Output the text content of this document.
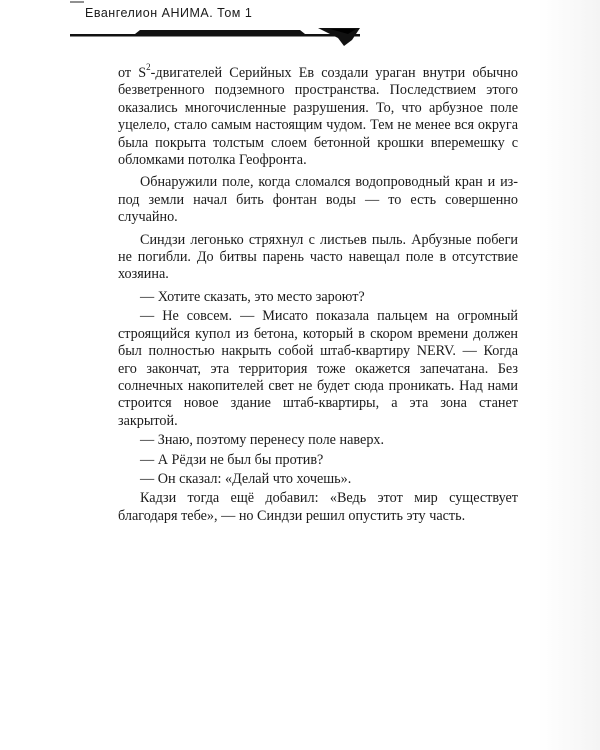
Евангелион АНИМА. Том 1

от $S^2$-двигателей Серийных Ев создали ураган внутри обычно безветренного подземного пространства. Последствием этого оказались многочисленные разрушения. То, что арбузное поле уцелело, стало самым настоящим чудом. Тем не менее вся округа была покрыта толстым слоем бетонной крошки вперемешку с обломками потолка Геофронта.

Обнаружили поле, когда сломался водопроводный кран и из-под земли начал бить фонтан воды — то есть совершенно случайно.

Синдзи легонько стряхнул с листьев пыль. Арбузные побеги не погибли. До битвы парень часто навещал поле в отсутствие хозяина.

— Хотите сказать, это место зароют?

— Не совсем. — Мисато показала пальцем на огромный строящийся купол из бетона, который в скором времени должен был полностью накрыть собой штаб-квартиру NERV. — Когда его закончат, эта территория тоже окажется запечатана. Без солнечных накопителей свет не будет сюда проникать. Над нами строится новое здание штаб-квартиры, а эта зона станет закрытой.

— Знаю, поэтому перенесу поле наверх.

— А Рёдзи не был бы против?

— Он сказал: «Делай что хочешь».

Кадзи тогда ещё добавил: «Ведь этот мир существует благодаря тебе», — но Синдзи решил опустить эту часть.
